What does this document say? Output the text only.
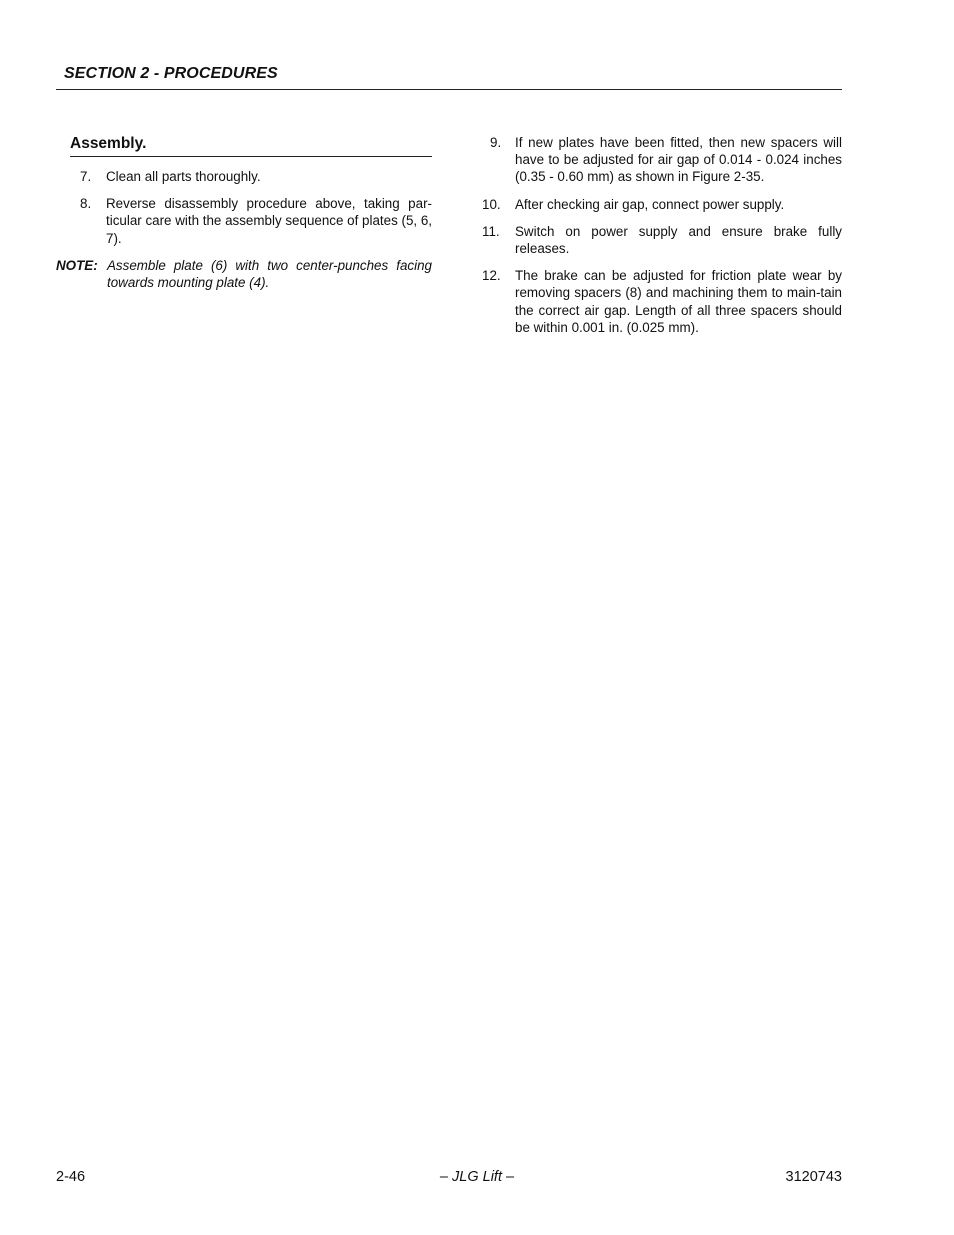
SECTION 2 - PROCEDURES
Assembly.
7. Clean all parts thoroughly.
8. Reverse disassembly procedure above, taking par-ticular care with the assembly sequence of plates (5, 6, 7).
NOTE: Assemble plate (6) with two center-punches facing towards mounting plate (4).
9. If new plates have been fitted, then new spacers will have to be adjusted for air gap of 0.014 - 0.024 inches (0.35 - 0.60 mm) as shown in Figure 2-35.
10. After checking air gap, connect power supply.
11. Switch on power supply and ensure brake fully releases.
12. The brake can be adjusted for friction plate wear by removing spacers (8) and machining them to main-tain the correct air gap. Length of all three spacers should be within 0.001 in. (0.025 mm).
2-46	– JLG Lift –	3120743
